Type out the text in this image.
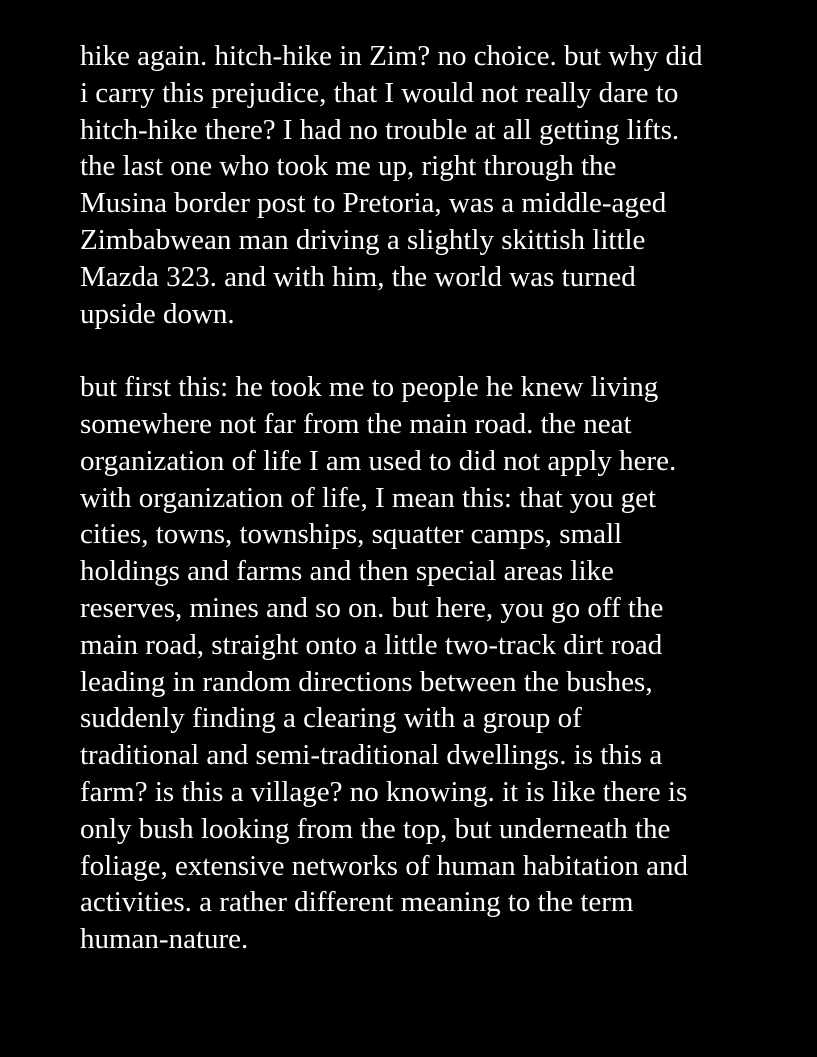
hike again. hitch-hike in Zim? no choice. but why did
i carry this prejudice, that I would not really dare to
hitch-hike there? I had no trouble at all getting lifts.
the last one who took me up, right through the
Musina border post to Pretoria, was a middle-aged
Zimbabwean man driving a slightly skittish little
Mazda 323. and with him, the world was turned
upside down.

but first this: he took me to people he knew living
somewhere not far from the main road. the neat
organization of life I am used to did not apply here.
with organization of life, I mean this: that you get
cities, towns, townships, squatter camps, small
holdings and farms and then special areas like
reserves, mines and so on. but here, you go off the
main road, straight onto a little two-track dirt road
leading in random directions between the bushes,
suddenly finding a clearing with a group of
traditional and semi-traditional dwellings. is this a
farm? is this a village? no knowing. it is like there is
only bush looking from the top, but underneath the
foliage, extensive networks of human habitation and
activities. a rather different meaning to the term
human-nature.
